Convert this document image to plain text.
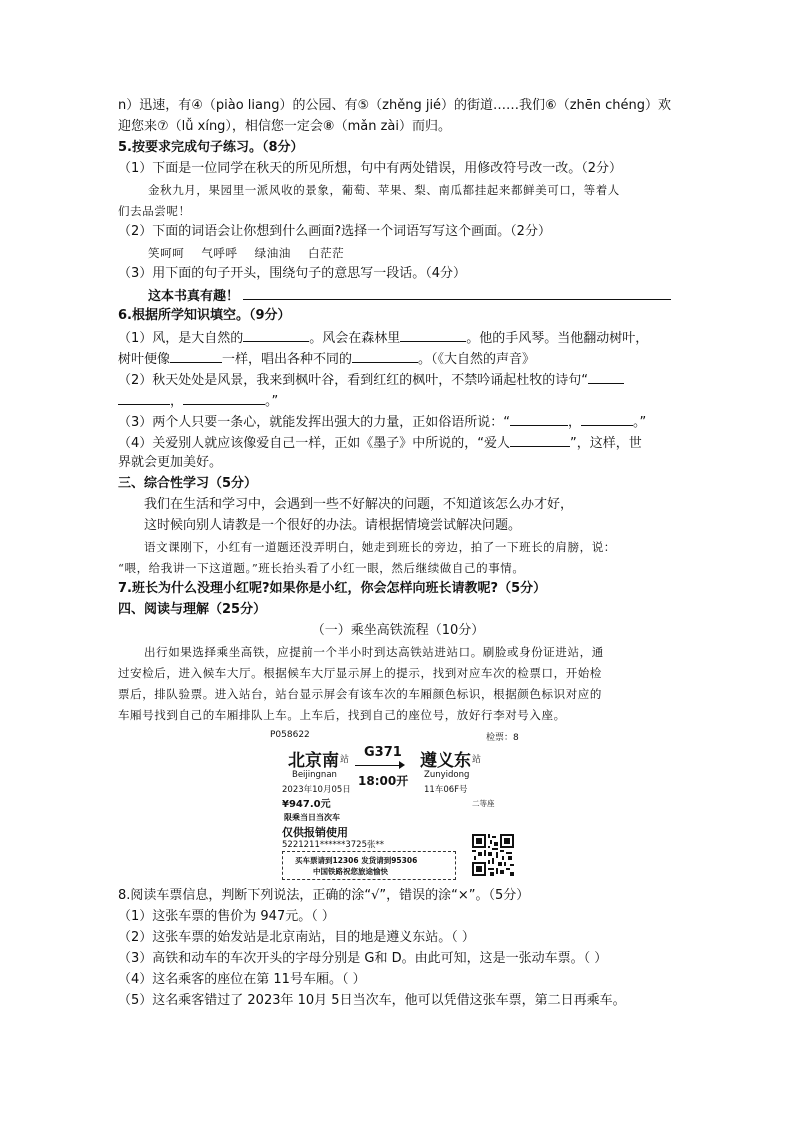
n）迅速，有④（piào liang）的公园、有⑤（zhěng jié）的街道……我们⑥（zhēn chéng）欢
迎您来⑦（lǚ xíng），相信您一定会⑧（mǎn zài）而归。
5.按要求完成句子练习。（8分）
（1）下面是一位同学在秋天的所见所想，句中有两处错误，用修改符号改一改。（2分）
金秋九月，果园里一派风收的景象，葡萄、苹果、梨、南瓜都挂起来都鲜美可口，等着人
们去品尝呢！
（2）下面的词语会让你想到什么画面?选择一个词语写写这个画面。（2分）
笑呵呵    气呼呼    绿油油    白茫茫
（3）用下面的句子开头，围绕句子的意思写一段话。（4分）
这本书真有趣！
6.根据所学知识填空。（9分）
（1）风，是大自然的	。风会在森林里	。他的手风琴。当他翻动树叶，
树叶便像	一样，唱出各种不同的	。（《大自然的声音》
（2）秋天处处是风景，我来到枫叶谷，看到红红的枫叶，不禁吟诵起杜牧的诗句“
，	。”
（3）两个人只要一条心，就能发挥出强大的力量，正如俗语所说：“	，	。”
（4）关爱别人就应该像爱自己一样，正如《墨子》中所说的，“爱人	”，这样，世
界就会更加美好。
三、综合性学习（5分）
我们在生活和学习中，会遇到一些不好解决的问题，不知道该怎么办才好，
这时候向别人请教是一个很好的办法。请根据情境尝试解决问题。
语文课刚下，小红有一道题还没弄明白，她走到班长的旁边，拍了一下班长的肩膀，说：
“喂，给我讲一下这道题。”班长抬头看了小红一眼，然后继续做自己的事情。
7.班长为什么没理小红呢?如果你是小红，你会怎样向班长请教呢?（5分）
四、阅读与理解（25分）
（一）乘坐高铁流程（10分）
出行如果选择乘坐高铁，应提前一个半小时到达高铁站进站口。刷脸或身份证进站，通
过安检后，进入候车大厅。根据候车大厅显示屏上的提示，找到对应车次的检票口，开始检
票后，排队验票。进入站台，站台显示屏会有该车次的车厢颜色标识，根据颜色标识对应的
车厢号找到自己的车厢排队上车。上车后，找到自己的座位号，放好行李对号入座。
P058622	检票：8
北京南 站
Beijingnan
G371
18:00开
遵义东 站
Zunyidong
2023年10月05日	11车06F号
¥947.0元	二等座
限乘当日当次车
仅供报销使用
5221211******3725张**
买车票请到12306 发货请到95306
中国铁路祝您旅途愉快
8.阅读车票信息，判断下列说法，正确的涂“√”，错误的涂“×”。（5分）
（1）这张车票的售价为 947元。（ ）
（2）这张车票的始发站是北京南站，目的地是遵义东站。（ ）
（3）高铁和动车的车次开头的字母分别是 G和 D。由此可知，这是一张动车票。（ ）
（4）这名乘客的座位在第 11号车厢。（ ）
（5）这名乘客错过了 2023年 10月 5日当次车，他可以凭借这张车票，第二日再乘车。
